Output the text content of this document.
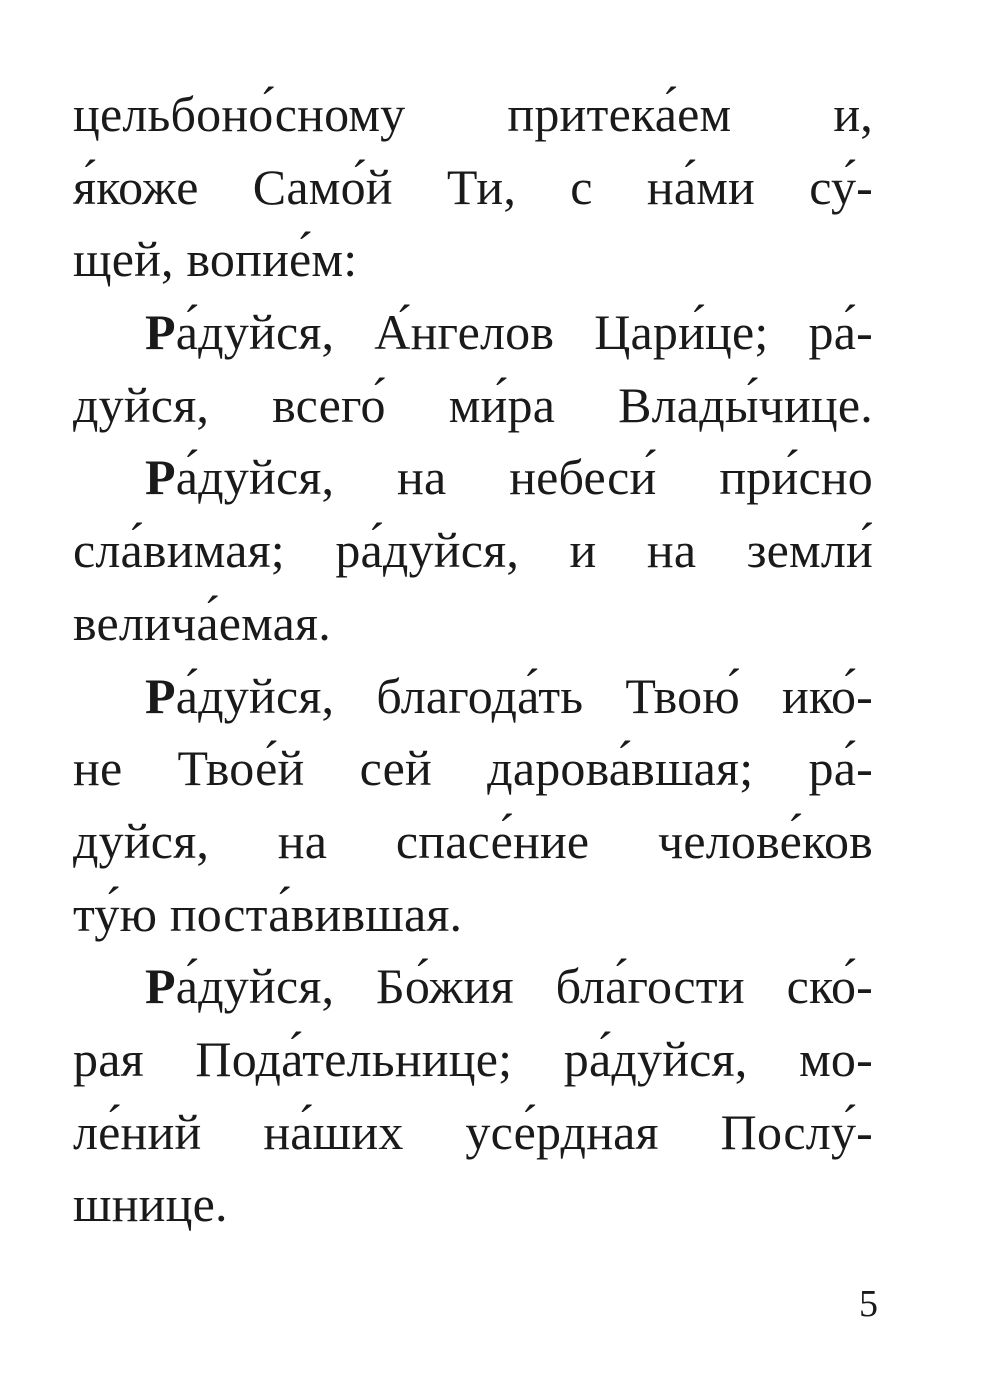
цельбоно́сному притека́ем и,
я́коже Само́й Ти, с на́ми су́-
щей, вопие́м:
Ра́дуйся, А́нгелов Цари́це; ра́-
дуйся, всего́ ми́ра Влады́чице.
Ра́дуйся, на небеси́ при́сно
сла́вимая; ра́дуйся, и на земли́
велича́емая.
Ра́дуйся, благода́ть Твою́ ико́-
не Твое́й сей дарова́вшая; ра́-
дуйся, на спасе́ние челове́ков
ту́ю поста́вившая.
Ра́дуйся, Бо́жия бла́гости ско́-
рая Пода́тельнице; ра́дуйся, мо-
ле́ний на́ших усе́рдная Послу́-
шнице.
5
